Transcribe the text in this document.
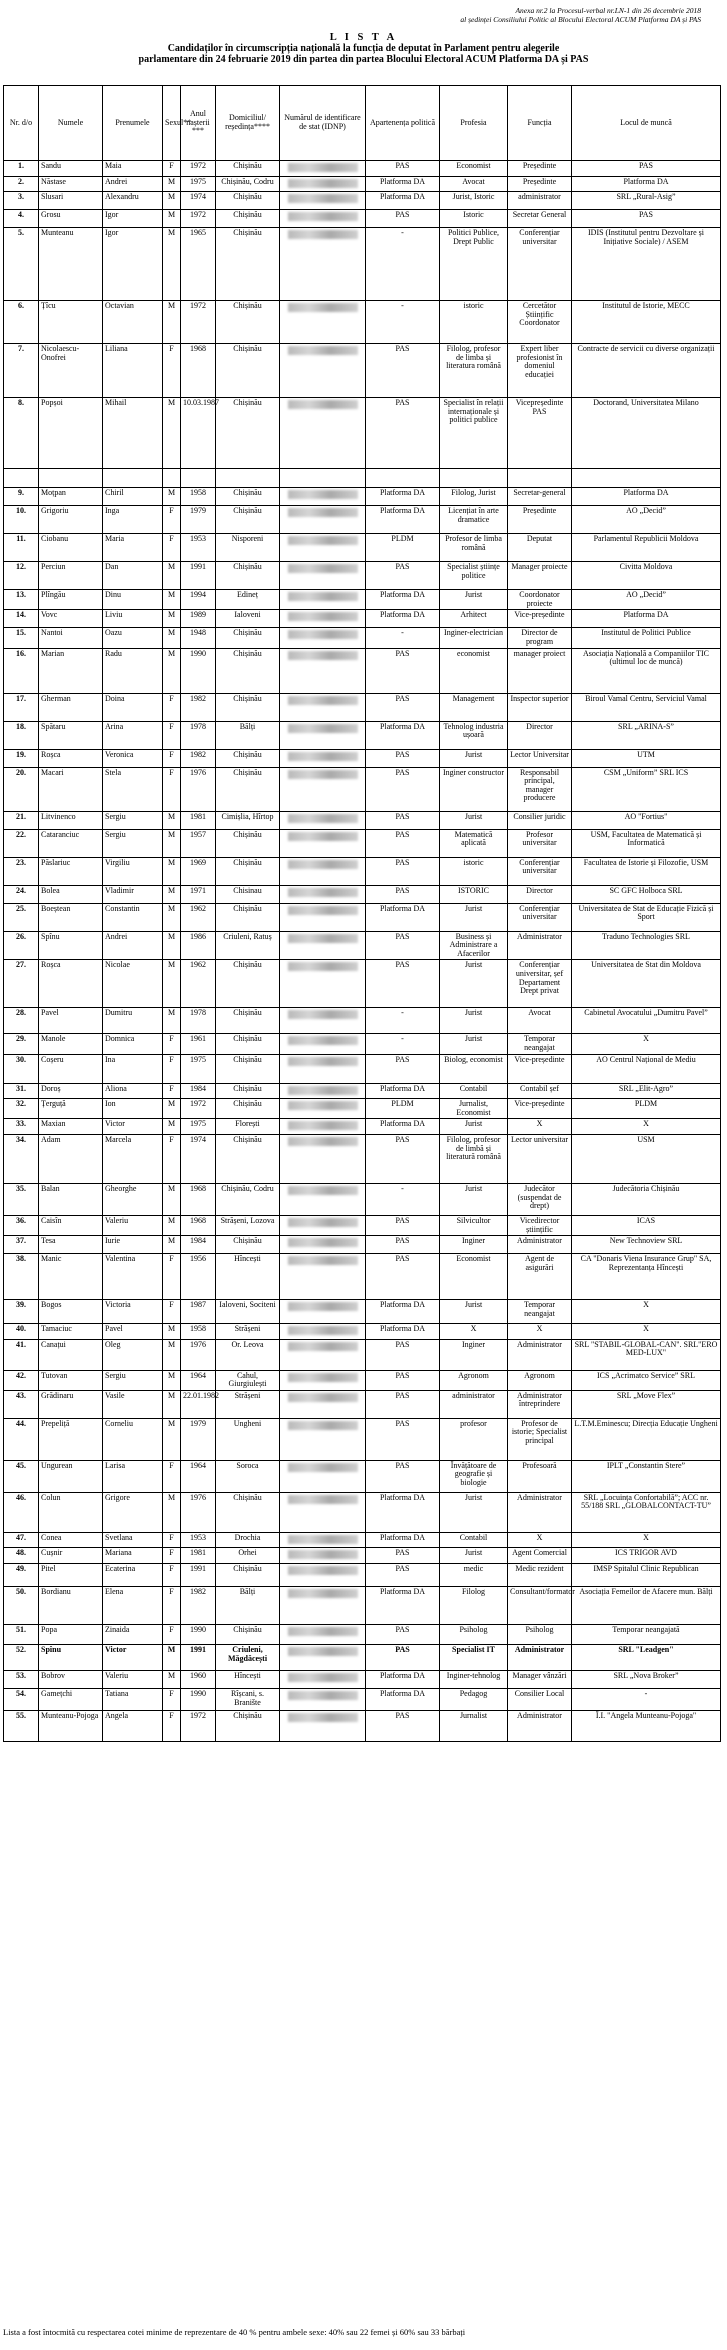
Anexa nr.2 la Procesul-verbal nr.LN-1 din 26 decembrie 2018
al ședinței Consiliului Politic al Blocului Electoral ACUM Platforma DA și PAS
L I S T A
Candidaților în circumscripția națională la funcția de deputat în Parlament pentru alegerile
parlamentare din 24 februarie 2019 din partea din partea Blocului Electoral ACUM Platforma DA și PAS
Nr. d/o	Numele	Prenumele	Sexul**	Anul nașterii ***	Domiciliul/ reședința****	Numărul de identificare de stat (IDNP)	Apartenența politică	Profesia	Funcția	Locul de muncă
1.	Sandu	Maia	F	1972	Chișinău		PAS	Economist	Președinte	PAS
2.	Năstase	Andrei	M	1975	Chișinău, Codru		Platforma DA	Avocat	Președinte	Platforma DA
3.	Slusari	Alexandru	M	1974	Chișinău		Platforma DA	Jurist, Istoric	administrator	SRL „Rural-Asig”
4.	Grosu	Igor	M	1972	Chișinău		PAS	Istoric	Secretar General	PAS
5.	Munteanu	Igor	M	1965	Chișinău		-	Politici Publice, Drept Public	Conferențiar universitar	IDIS (Institutul pentru Dezvoltare și Inițiative Sociale) / ASEM
6.	Țîcu	Octavian	M	1972	Chișinău		-	istoric	Cercetător Științific Coordonator	Institutul de Istorie, MECC
7.	Nicolaescu-Onofrei	Liliana	F	1968	Chișinău		PAS	Filolog, profesor de limba și literatura română	Expert liber profesionist în domeniul educației	Contracte de servicii cu diverse organizații
8.	Popșoi	Mihail	M	10.03.1987	Chișinău		PAS	Specialist în relații internaționale și politici publice	Vicepreședinte PAS	Doctorand, Universitatea Milano

9.	Moțpan	Chiril	M	1958	Chișinău		Platforma DA	Filolog, Jurist	Secretar-general	Platforma DA
10.	Grigoriu	Inga	F	1979	Chișinău		Platforma DA	Licențiat în arte dramatice	Președinte	AO „Decid”
11.	Ciobanu	Maria	F	1953	Nisporeni		PLDM	Profesor de limba română	Deputat	Parlamentul Republicii Moldova
12.	Perciun	Dan	M	1991	Chișinău		PAS	Specialist științe politice	Manager proiecte	Civitta Moldova
13.	Plîngău	Dinu	M	1994	Edineț		Platforma DA	Jurist	Coordonator proiecte	AO „Decid”
14.	Vovc	Liviu	M	1989	Ialoveni		Platforma DA	Arhitect	Vice-președinte	Platforma DA
15.	Nantoi	Oazu	M	1948	Chișinău		-	Inginer-electrician	Director de program	Institutul de Politici Publice
16.	Marian	Radu	M	1990	Chișinău		PAS	economist	manager proiect	Asociația Națională a Companiilor TIC (ultimul loc de muncă)
17.	Gherman	Doina	F	1982	Chișinău		PAS	Management	Inspector superior	Biroul Vamal Centru, Serviciul Vamal
18.	Spătaru	Arina	F	1978	Bălți		Platforma DA	Tehnolog industria ușoară	Director	SRL „ARINA-S”
19.	Roșca	Veronica	F	1982	Chișinău		PAS	Jurist	Lector Universitar	UTM
20.	Macari	Stela	F	1976	Chișinău		PAS	Inginer constructor	Responsabil principal, manager producere	CSM „Uniform” SRL ICS
21.	Litvinenco	Sergiu	M	1981	Cimișlia, Hîrtop		PAS	Jurist	Consilier juridic	AO "Fortius"
22.	Cataranciuc	Sergiu	M	1957	Chișinău		PAS	Matematică aplicată	Profesor universitar	USM, Facultatea de Matematică și Informatică
23.	Păslariuc	Virgiliu	M	1969	Chișinău		PAS	istoric	Conferențiar universitar	Facultatea de Istorie și Filozofie, USM
24.	Bolea	Vladimir	M	1971	Chisinau		PAS	ISTORIC	Director	SC GFC Holboca SRL
25.	Boeștean	Constantin	M	1962	Chișinău		Platforma DA	Jurist	Conferențiar universitar	Universitatea de Stat de Educație Fizică și Sport
26.	Spînu	Andrei	M	1986	Criuleni, Ratuș		PAS	Business și Administrare a Afacerilor	Administrator	Traduno Technologies SRL
27.	Roșca	Nicolae	M	1962	Chișinău		PAS	Jurist	Conferențiar universitar, șef Departament Drept privat	Universitatea de Stat din Moldova
28.	Pavel	Dumitru	M	1978	Chișinău		-	Jurist	Avocat	Cabinetul Avocatului „Dumitru Pavel”
29.	Manole	Domnica	F	1961	Chișinău		-	Jurist	Temporar neangajat	X
30.	Coșeru	Ina	F	1975	Chișinău		PAS	Biolog, economist	Vice-președinte	AO Centrul Național de Mediu
31.	Doroș	Aliona	F	1984	Chișinău		Platforma DA	Contabil	Contabil șef	SRL „Elit-Agro”
32.	Țerguță	Ion	M	1972	Chișinău		PLDM	Jurnalist, Economist	Vice-președinte	PLDM
33.	Maxian	Victor	M	1975	Florești		Platforma DA	Jurist	X	X
34.	Adam	Marcela	F	1974	Chișinău		PAS	Filolog, profesor de limbă și literatură română	Lector universitar	USM
35.	Balan	Gheorghe	M	1968	Chișinău, Codru		-	Jurist	Judecător (suspendat de drept)	Judecătoria Chișinău
36.	Caisîn	Valeriu	M	1968	Strășeni, Lozova		PAS	Silvicultor	Vicedirector științific	ICAS
37.	Tesa	Iurie	M	1984	Chișinău		PAS	Inginer	Administrator	New Technoview SRL
38.	Manic	Valentina	F	1956	Hîncești		PAS	Economist	Agent de asigurări	CA "Donaris Viena Insurance Grup" SA, Reprezentanța Hîncești
39.	Bogos	Victoria	F	1987	Ialoveni, Sociteni		Platforma DA	Jurist	Temporar neangajat	X
40.	Tamaciuc	Pavel	M	1958	Strășeni		Platforma DA	X	X	X
41.	Canațui	Oleg	M	1976	Or. Leova		PAS	Inginer	Administrator	SRL "STABIL-GLOBAL-CAN". SRL"ERO MED-LUX"
42.	Tutovan	Sergiu	M	1964	Cahul, Giurgiulești		PAS	Agronom	Agronom	ICS „Acrimatco Service” SRL
43.	Grădinaru	Vasile	M	22.01.1982	Strășeni		PAS	administrator	Administrator întreprindere	SRL „Move Flex”
44.	Prepeliță	Corneliu	M	1979	Ungheni		PAS	profesor	Profesor de istorie; Specialist principal	L.T.M.Eminescu; Direcția Educație Ungheni
45.	Ungurean	Larisa	F	1964	Soroca		PAS	Învățătoare de geografie și biologie	Profesoară	IPLT „Constantin Stere”
46.	Colun	Grigore	M	1976	Chișinău		Platforma DA	Jurist	Administrator	SRL „Locuința Confortabilă”; ACC nr. 55/188 SRL „GLOBALCONTACT-TU”
47.	Conea	Svetlana	F	1953	Drochia		Platforma DA	Contabil	X	X
48.	Cușnir	Mariana	F	1981	Orhei		PAS	Jurist	Agent Comercial	ICS TRIGOR AVD
49.	Pitel	Ecaterina	F	1991	Chișinău		PAS	medic	Medic rezident	IMSP Spitalul Clinic Republican
50.	Bordianu	Elena	F	1982	Bălți		Platforma DA	Filolog	Consultant/formator	Asociația Femeilor de Afacere mun. Bălți
51.	Popa	Zinaida	F	1990	Chișinău		PAS	Psiholog	Psiholog	Temporar neangajată
52.	Spînu	Victor	M	1991	Criuleni, Măgdăcești		PAS	Specialist IT	Administrator	SRL "Leadgen"
53.	Bobrov	Valeriu	M	1960	Hîncești		Platforma DA	Inginer-tehnolog	Manager vânzări	SRL „Nova Broker”
54.	Gamețchi	Tatiana	F	1990	Rîșcani, s. Branište		Platforma DA	Pedagog	Consilier Local	-
55.	Munteanu-Pojoga	Angela	F	1972	Chișinău		PAS	Jurnalist	Administrator	Î.I. "Angela Munteanu-Pojoga"
Lista a fost întocmită cu respectarea cotei minime de reprezentare de 40 % pentru ambele sexe: 40% sau 22 femei și 60% sau 33 bărbați
